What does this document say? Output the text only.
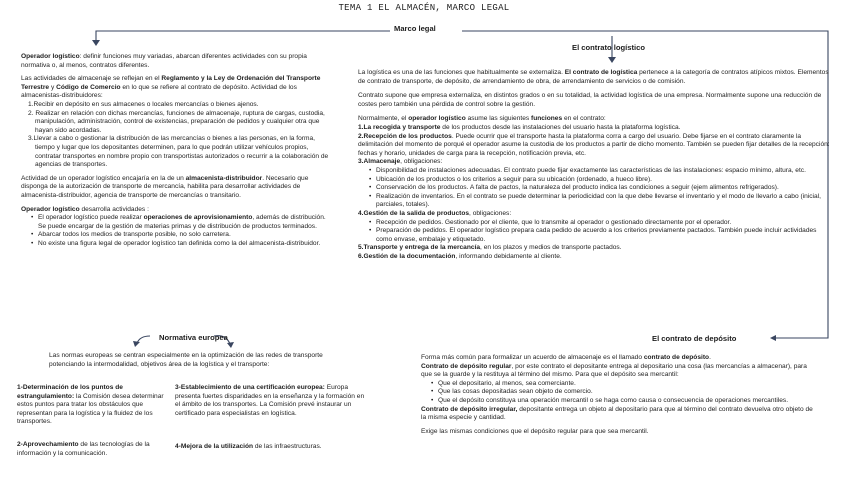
TEMA 1 EL ALMACÉN, MARCO LEGAL
Marco legal
El contrato logístico
Normativa europea	El contrato de depósito

Operador logístico: definir funciones muy variadas, abarcan diferentes actividades con su propia normativa o, al menos, contratos diferentes.

Las actividades de almacenaje se reflejan en el Reglamento y la Ley de Ordenación del Transporte Terrestre y Código de Comercio en lo que se refiere al contrato de depósito. Actividad de los almacenistas-distribuidores:

1.Recibir en depósito en sus almacenes o locales mercancías o bienes ajenos.
2. Realizar en relación con dichas mercancías, funciones de almacenaje, ruptura de cargas, custodia, manipulación, administración, control de existencias, preparación de pedidos y cualquier otra que hayan sido acordadas.
3.Llevar a cabo o gestionar la distribución de las mercancías o bienes a las personas, en la forma, tiempo y lugar que los depositantes determinen, para lo que podrán utilizar vehículos propios, contratar transportes en nombre propio con transportistas autorizados o recurrir a la colaboración de agencias de transportes.

Actividad de un operador logístico encajaría en la de un almacenista-distribuidor. Necesario que disponga de la autorización de transporte de mercancía, habilita para desarrollar actividades de almacenista-distribuidor, agencia de transporte de mercancías o transitario.

Operador logístico desarrolla actividades :

• El operador logístico puede realizar operaciones de aprovisionamiento, además de distribución. Se puede encargar de la gestión de materias primas y de distribución de productos terminados.
• Abarcar todos los medios de transporte posible, no solo carretera.
• No existe una figura legal de operador logístico tan definida como la del almacenista-distribuidor.
Las normas europeas se centran especialmente en la optimización de las redes de transporte potenciando la intermodalidad, objetivos área de la logística y el transporte:
1-Determinación de los puntos de estrangulamiento: la Comisión desea determinar estos puntos para tratar los obstáculos que representan para la logística y la fluidez de los transportes.
2-Aprovechamiento de las tecnologías de la información y la comunicación.
3-Establecimiento de una certificación europea: Europa presenta fuertes disparidades en la enseñanza y la formación en el ámbito de los transportes. La Comisión prevé instaurar un certificado para especialistas en logística.
4-Mejora de la utilización de las infraestructuras.

La logística es una de las funciones que habitualmente se externaliza. El contrato de logística pertenece a la categoría de contratos atípicos mixtos. Elementos de contrato de transporte, de depósito, de arrendamiento de obra, de arrendamiento de servicios o de comisión.

Contrato supone que empresa externaliza, en distintos grados o en su totalidad, la actividad logística de una empresa. Normalmente supone una reducción de costes pero también una pérdida de control sobre la gestión.

Normalmente, el operador logístico asume las siguientes funciones en el contrato:

1.La recogida y transporte de los productos desde las instalaciones del usuario hasta la plataforma logística.

2.Recepción de los productos. Puede ocurrir que el transporte hasta la plataforma corra a cargo del usuario. Debe fijarse en el contrato claramente la delimitación del momento de porqué el operador asume la custodia de los productos a partir de dicho momento. También se pueden fijar detalles de la recepción: fechas y horario, unidades de carga para la recepción, notificación previa, etc.

3.Almacenaje, obligaciones:

• Disponibilidad de instalaciones adecuadas. El contrato puede fijar exactamente las características de las instalaciones: espacio mínimo, altura, etc.
• Ubicación de los productos o los criterios a seguir para su ubicación (ordenado, a hueco libre).
• Conservación de los productos. A falta de pactos, la naturaleza del producto indica las condiciones a seguir (ejem alimentos refrigerados).
• Realización de inventarios. En el contrato se puede determinar la periodicidad con la que debe llevarse el inventario y el modo de llevarlo a cabo (inicial, parciales, totales).

4.Gestión de la salida de productos, obligaciones:

• Recepción de pedidos. Gestionado por el cliente, que lo transmite al operador o gestionado directamente por el operador.
• Preparación de pedidos. El operador logístico prepara cada pedido de acuerdo a los criterios previamente pactados. También puede incluir actividades como envase, embalaje y etiquetado.

5.Transporte y entrega de la mercancía, en los plazos y medios de transporte pactados.

6.Gestión de la documentación, informando debidamente al cliente.

Forma más común para formalizar un acuerdo de almacenaje es el llamado contrato de depósito.

Contrato de depósito regular, por este contrato el depositante entrega al depositario una cosa (las mercancías a almacenar), para que se la guarde y la restituya al término del mismo. Para que el depósito sea mercantil:

• Que el depositario, al menos, sea comerciante.
• Que las cosas depositadas sean objeto de comercio.
• Que el depósito constituya una operación mercantil o se haga como causa o consecuencia de operaciones mercantiles.

Contrato de depósito irregular, depositante entrega un objeto al depositario para que al término del contrato devuelva otro objeto de la misma especie y cantidad.

Exige las mismas condiciones que el depósito regular para que sea mercantil.
